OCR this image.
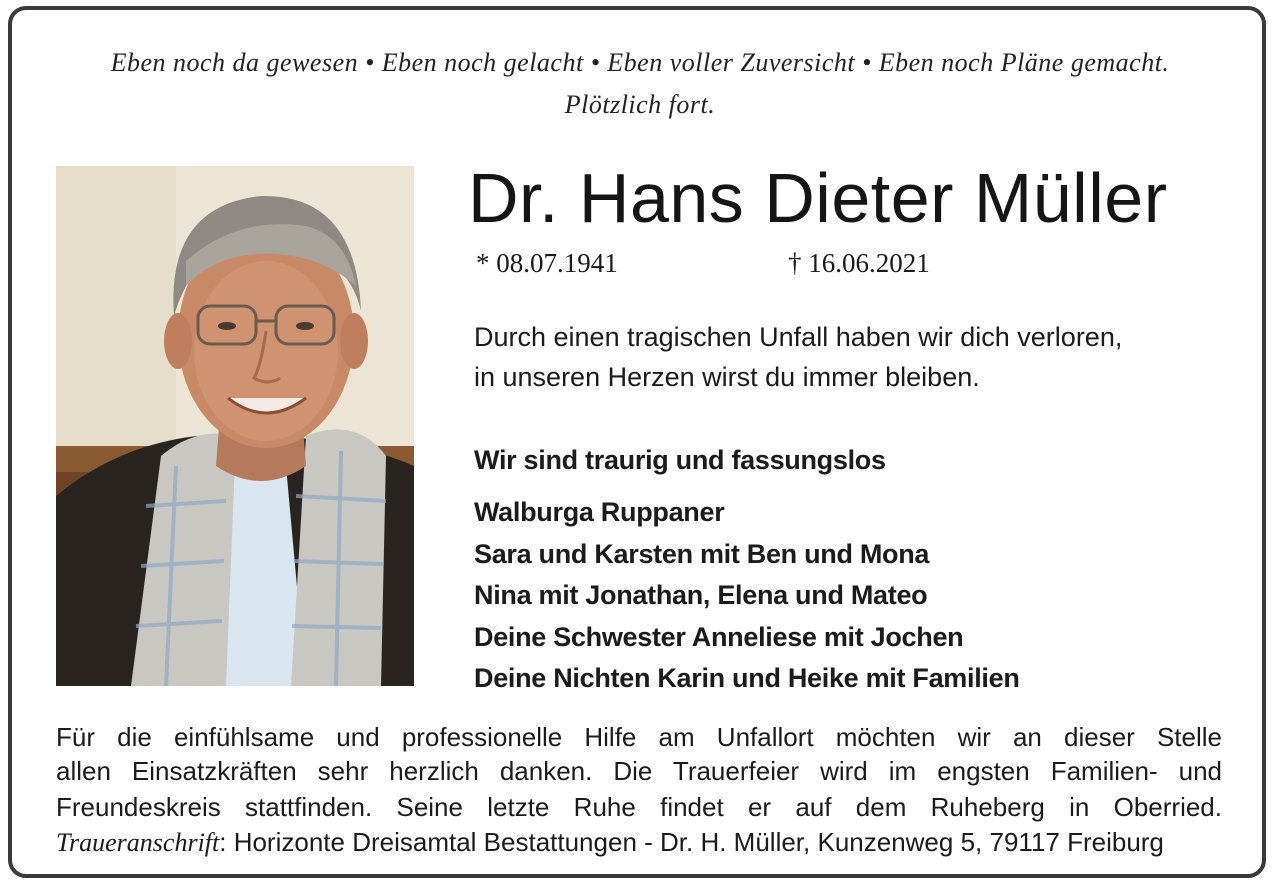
Eben noch da gewesen • Eben noch gelacht • Eben voller Zuversicht • Eben noch Pläne gemacht.
Plötzlich fort.
Dr. Hans Dieter Müller
* 08.07.1941	† 16.06.2021
Durch einen tragischen Unfall haben wir dich verloren,
in unseren Herzen wirst du immer bleiben.
Wir sind traurig und fassungslos
Walburga Ruppaner
Sara und Karsten mit Ben und Mona
Nina mit Jonathan, Elena und Mateo
Deine Schwester Anneliese mit Jochen
Deine Nichten Karin und Heike mit Familien
Für die einfühlsame und professionelle Hilfe am Unfallort möchten wir an dieser Stelle
allen Einsatzkräften sehr herzlich danken. Die Trauerfeier wird im engsten Familien- und
Freundeskreis stattfinden. Seine letzte Ruhe findet er auf dem Ruheberg in Oberried.
Traueranschrift: Horizonte Dreisamtal Bestattungen - Dr. H. Müller, Kunzenweg 5, 79117 Freiburg
